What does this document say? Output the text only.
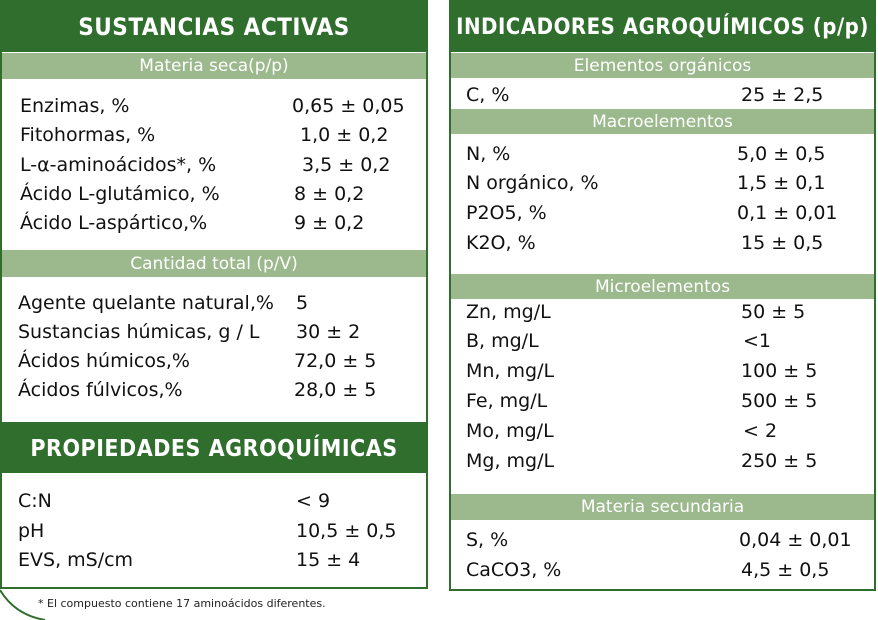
SUSTANCIAS ACTIVAS
Materia seca(p/p)
Enzimas, %	0,65 ± 0,05
Fitohormas, %	1,0 ± 0,2
L-α-aminoácidos*, %	3,5 ± 0,2
Ácido L-glutámico, %	8 ± 0,2
Ácido L-aspártico,%	9 ± 0,2
Cantidad total (p/V)
Agente quelante natural,% 5
Sustancias húmicas, g / L 30 ± 2
Ácidos húmicos,%	72,0 ± 5
Ácidos fúlvicos,%	28,0 ± 5
PROPIEDADES AGROQUÍMICAS
C:N	< 9
pH	10,5 ± 0,5
EVS, mS/cm	15 ± 4
INDICADORES AGROQUÍMICOS (p/p)
Elementos orgánicos
C, %	25 ± 2,5
Macroelementos
N, %	5,0 ± 0,5
N orgánico, %	1,5 ± 0,1
P2O5, %	0,1 ± 0,01
K2O, %	15 ± 0,5
Microelementos
Zn, mg/L	50 ± 5
B, mg/L	<1
Mn, mg/L	100 ± 5
Fe, mg/L	500 ± 5
Mo, mg/L	< 2
Mg, mg/L	250 ± 5
Materia secundaria
S, %	0,04 ± 0,01
CaCO3, %	4,5 ± 0,5
* El compuesto contiene 17 aminoácidos diferentes.
